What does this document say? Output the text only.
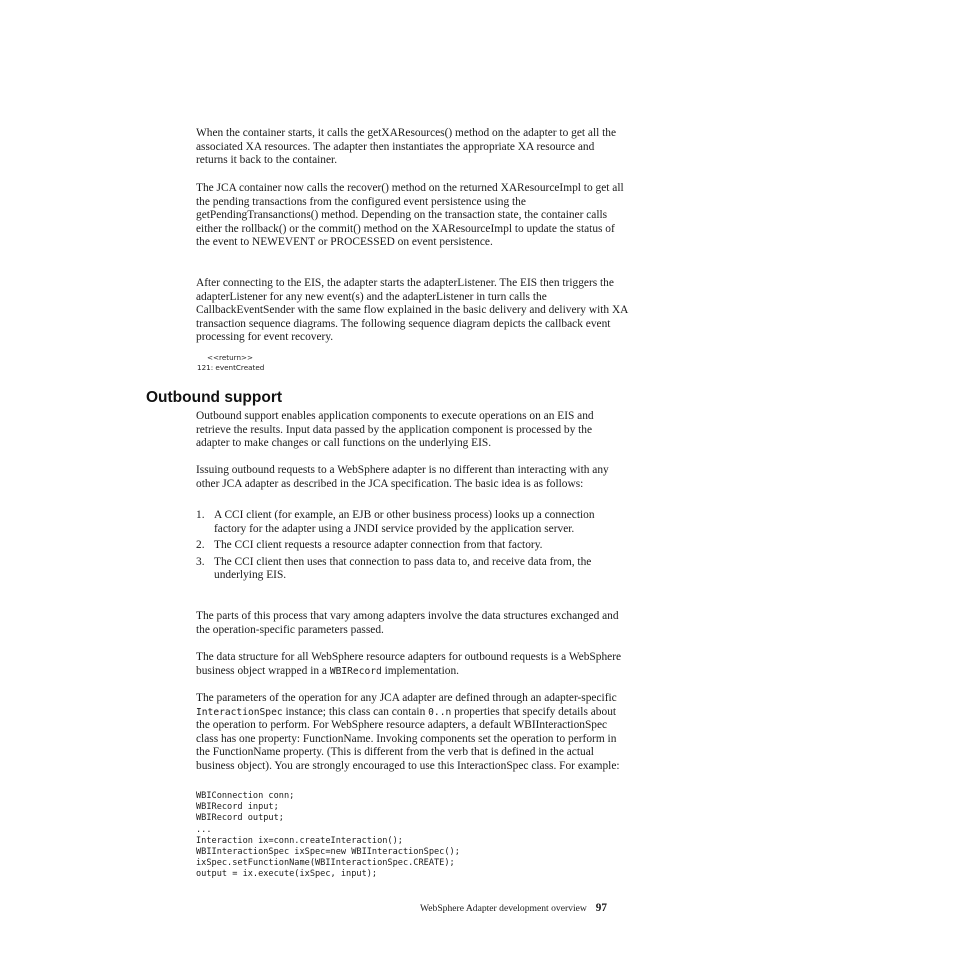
When the container starts, it calls the getXAResources() method on the adapter to get all the associated XA resources. The adapter then instantiates the appropriate XA resource and returns it back to the container.

The JCA container now calls the recover() method on the returned XAResourceImpl to get all the pending transactions from the configured event persistence using the getPendingTransanctions() method. Depending on the transaction state, the container calls either the rollback() or the commit() method on the XAResourceImpl to update the status of the event to NEWEVENT or PROCESSED on event persistence.

After connecting to the EIS, the adapter starts the adapterListener. The EIS then triggers the adapterListener for any new event(s) and the adapterListener in turn calls the CallbackEventSender with the same flow explained in the basic delivery and delivery with XA transaction sequence diagrams. The following sequence diagram depicts the callback event processing for event recovery.

<<return>>
121: eventCreated
Outbound support

Outbound support enables application components to execute operations on an EIS and retrieve the results. Input data passed by the application component is processed by the adapter to make changes or call functions on the underlying EIS.

Issuing outbound requests to a WebSphere adapter is no different than interacting with any other JCA adapter as described in the JCA specification. The basic idea is as follows:

1. A CCI client (for example, an EJB or other business process) looks up a connection factory for the adapter using a JNDI service provided by the application server.

2. The CCI client requests a resource adapter connection from that factory.

3. The CCI client then uses that connection to pass data to, and receive data from, the underlying EIS.

The parts of this process that vary among adapters involve the data structures exchanged and the operation-specific parameters passed.

The data structure for all WebSphere resource adapters for outbound requests is a WebSphere business object wrapped in a WBIRecord implementation.

The parameters of the operation for any JCA adapter are defined through an adapter-specific InteractionSpec instance; this class can contain 0..n properties that specify details about the operation to perform. For WebSphere resource adapters, a default WBIInteractionSpec class has one property: FunctionName. Invoking components set the operation to perform in the FunctionName property. (This is different from the verb that is defined in the actual business object). You are strongly encouraged to use this InteractionSpec class. For example:

WBIConnection conn;
WBIRecord input;
WBIRecord output;
...
Interaction ix=conn.createInteraction();
WBIInteractionSpec ixSpec=new WBIInteractionSpec();
ixSpec.setFunctionName(WBIInteractionSpec.CREATE);
output = ix.execute(ixSpec, input);
WebSphere Adapter development overview 97
